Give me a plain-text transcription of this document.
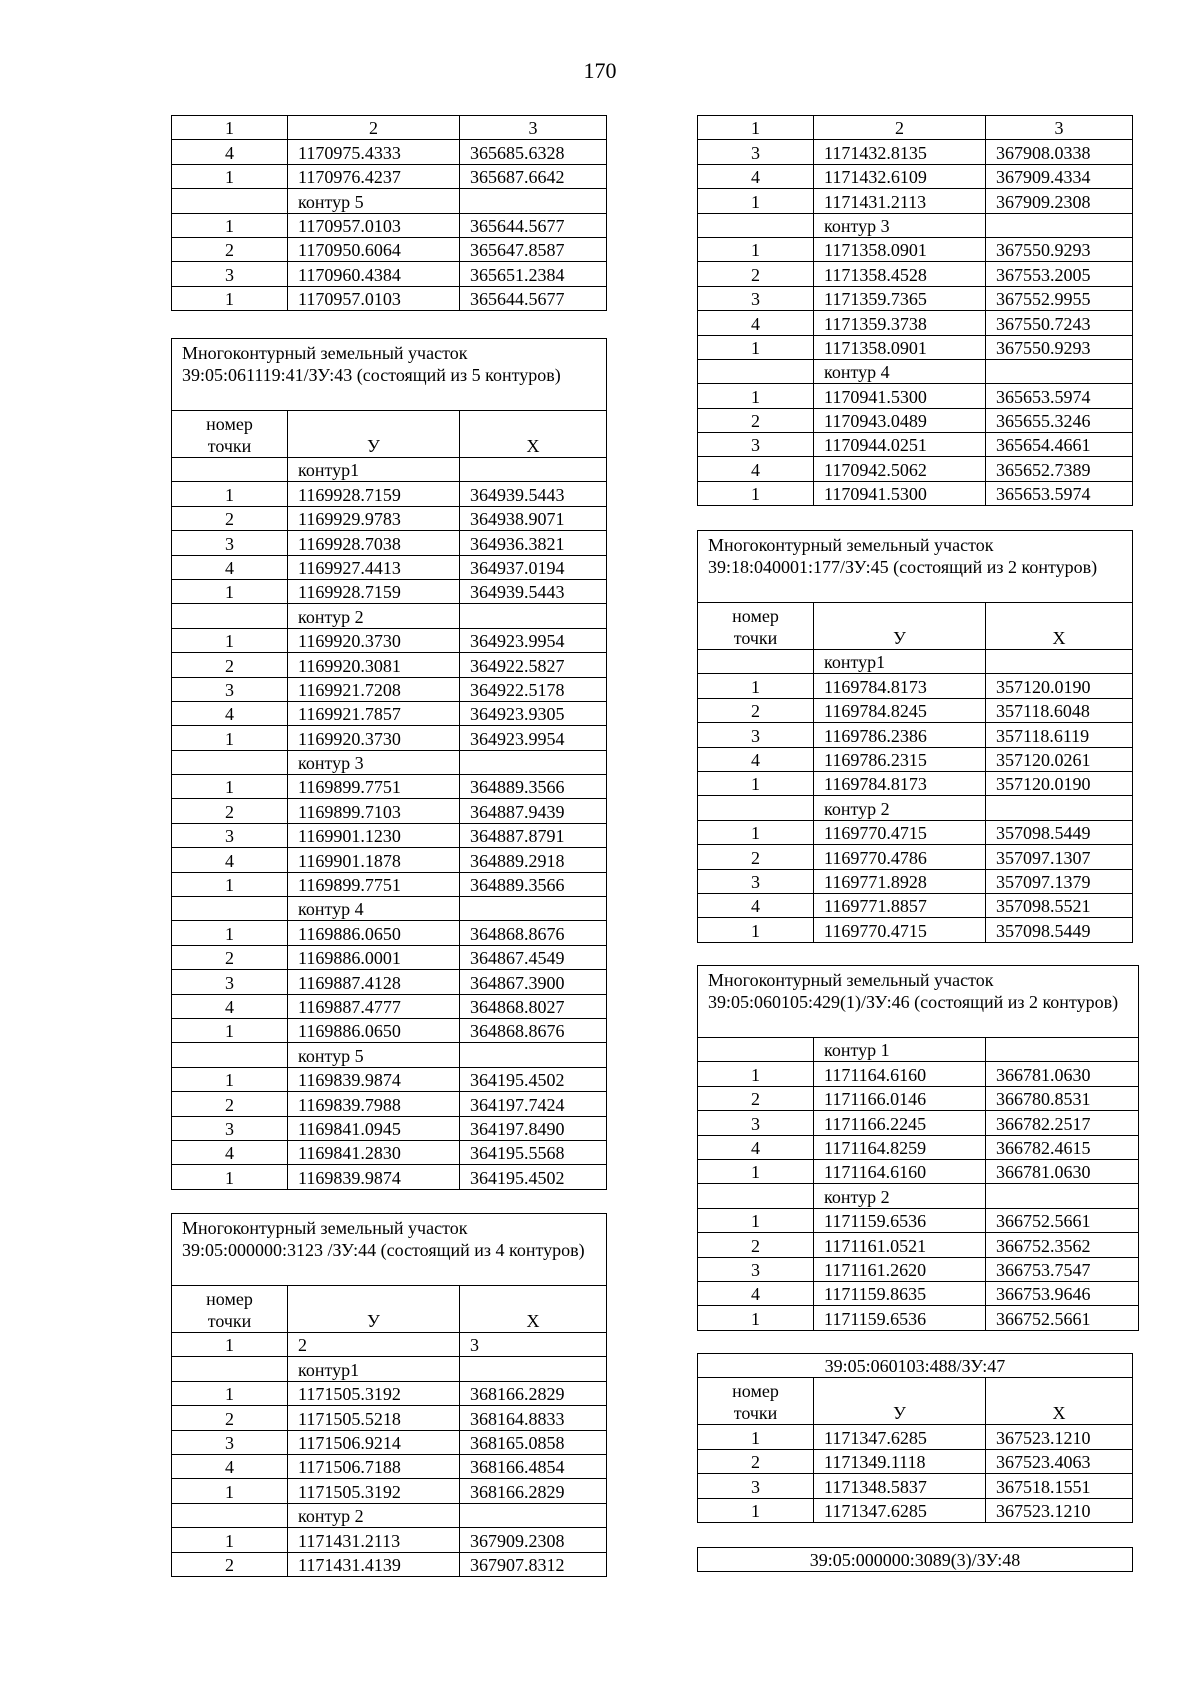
170
1	2	3
4	1170975.4333	365685.6328
1	1170976.4237	365687.6642
	контур 5	
1	1170957.0103	365644.5677
2	1170950.6064	365647.8587
3	1170960.4384	365651.2384
1	1170957.0103	365644.5677
Многоконтурный земельный участок 39:05:061119:41/ЗУ:43 (состоящий из 5 контуров)		
номер точки	У	Х
	контур1	
1	1169928.7159	364939.5443
2	1169929.9783	364938.9071
3	1169928.7038	364936.3821
4	1169927.4413	364937.0194
1	1169928.7159	364939.5443
	контур 2	
1	1169920.3730	364923.9954
2	1169920.3081	364922.5827
3	1169921.7208	364922.5178
4	1169921.7857	364923.9305
1	1169920.3730	364923.9954
	контур 3	
1	1169899.7751	364889.3566
2	1169899.7103	364887.9439
3	1169901.1230	364887.8791
4	1169901.1878	364889.2918
1	1169899.7751	364889.3566
	контур 4	
1	1169886.0650	364868.8676
2	1169886.0001	364867.4549
3	1169887.4128	364867.3900
4	1169887.4777	364868.8027
1	1169886.0650	364868.8676
	контур 5	
1	1169839.9874	364195.4502
2	1169839.7988	364197.7424
3	1169841.0945	364197.8490
4	1169841.2830	364195.5568
1	1169839.9874	364195.4502
Многоконтурный земельный участок 39:05:000000:3123 /ЗУ:44 (состоящий из 4 контуров)		
номер точки	У	Х
1	2	3
	контур1	
1	1171505.3192	368166.2829
2	1171505.5218	368164.8833
3	1171506.9214	368165.0858
4	1171506.7188	368166.4854
1	1171505.3192	368166.2829
	контур 2	
1	1171431.2113	367909.2308
2	1171431.4139	367907.8312
1	2	3
3	1171432.8135	367908.0338
4	1171432.6109	367909.4334
1	1171431.2113	367909.2308
	контур 3	
1	1171358.0901	367550.9293
2	1171358.4528	367553.2005
3	1171359.7365	367552.9955
4	1171359.3738	367550.7243
1	1171358.0901	367550.9293
	контур 4	
1	1170941.5300	365653.5974
2	1170943.0489	365655.3246
3	1170944.0251	365654.4661
4	1170942.5062	365652.7389
1	1170941.5300	365653.5974
Многоконтурный земельный участок 39:18:040001:177/ЗУ:45 (состоящий из 2 контуров)		
номер точки	У	Х
	контур1	
1	1169784.8173	357120.0190
2	1169784.8245	357118.6048
3	1169786.2386	357118.6119
4	1169786.2315	357120.0261
1	1169784.8173	357120.0190
	контур 2	
1	1169770.4715	357098.5449
2	1169770.4786	357097.1307
3	1169771.8928	357097.1379
4	1169771.8857	357098.5521
1	1169770.4715	357098.5449
Многоконтурный земельный участок 39:05:060105:429(1)/ЗУ:46 (состоящий из 2 контуров)		
	контур 1	
1	1171164.6160	366781.0630
2	1171166.0146	366780.8531
3	1171166.2245	366782.2517
4	1171164.8259	366782.4615
1	1171164.6160	366781.0630
	контур 2	
1	1171159.6536	366752.5661
2	1171161.0521	366752.3562
3	1171161.2620	366753.7547
4	1171159.8635	366753.9646
1	1171159.6536	366752.5661
39:05:060103:488/ЗУ:47		
номер точки	У	Х
1	1171347.6285	367523.1210
2	1171349.1118	367523.4063
3	1171348.5837	367518.1551
1	1171347.6285	367523.1210
39:05:000000:3089(3)/ЗУ:48
